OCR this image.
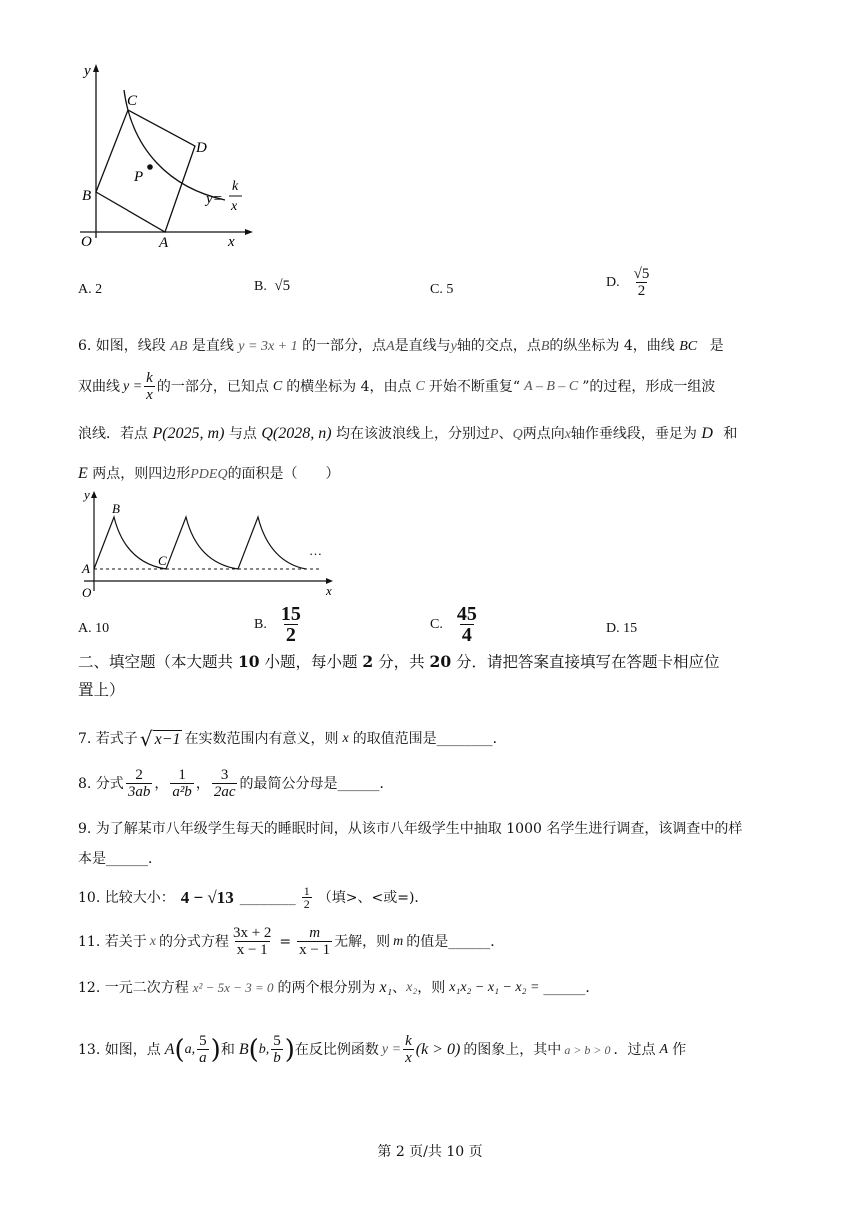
y
O	A	x
B
C
D
P
y=
k
x
A. 2	B. √5	C. 5	D. $\frac{√5}{2}$
6. 如图，线段 AB 是直线 y = 3x + 1 的一部分，点A是直线与y轴的交点，点B的纵坐标为 4，曲线 BC 是
双曲线 $y = \frac{k}{x}$ 的一部分，已知点 C 的横坐标为 4，由点 C 开始不断重复“ A – B – C ”的过程，形成一组波
浪线．若点 P(2025, m) 与点 Q(2028, n) 均在该波浪线上，分别过P、Q两点向x轴作垂线段，垂足为 D 和
E 两点，则四边形PDEQ的面积是（　　）
y
B
A
C
O	x
…
A. 10	B. $\frac{15}{2}$	C. $\frac{45}{4}$	D. 15
二、填空题（本大题共 10 小题，每小题 2 分，共 20 分．请把答案直接填写在答题卡相应位
置上）
7. 若式子 √ x−1 在实数范围内有意义，则 x 的取值范围是________．
8. 分式 $\frac{2}{3ab}$ ， $\frac{1}{\text{a²b}}$ ， $\frac{3}{2ac}$ 的最简公分母是______．
9. 为了解某市八年级学生每天的睡眠时间，从该市八年级学生中抽取 1000 名学生进行调查，该调查中的样
本是______．
10. 比较大小： 4 − √13 ________ $\frac{1}{2}$ （填>、<或=)．
11. 若关于 x 的分式方程 $\frac{3x + 2}{x - 1} = \frac{m}{x - 1}$ 无解，则 m 的值是______．
12. 一元二次方程 x² − 5x − 3 = 0 的两个根分别为 x₁ 、 x₂ ，则 x₁x₂ − x₁ − x₂ = ______．
13. 如图，点 A ( a, $\frac{5}{a}$ ) 和 B ( b, $\frac{5}{b}$ ) 在反比例函数 $y = \frac{k}{x} (k > 0)$ 的图象上，其中 a > b > 0 ．过点 A 作
第 2 页/共 10 页
